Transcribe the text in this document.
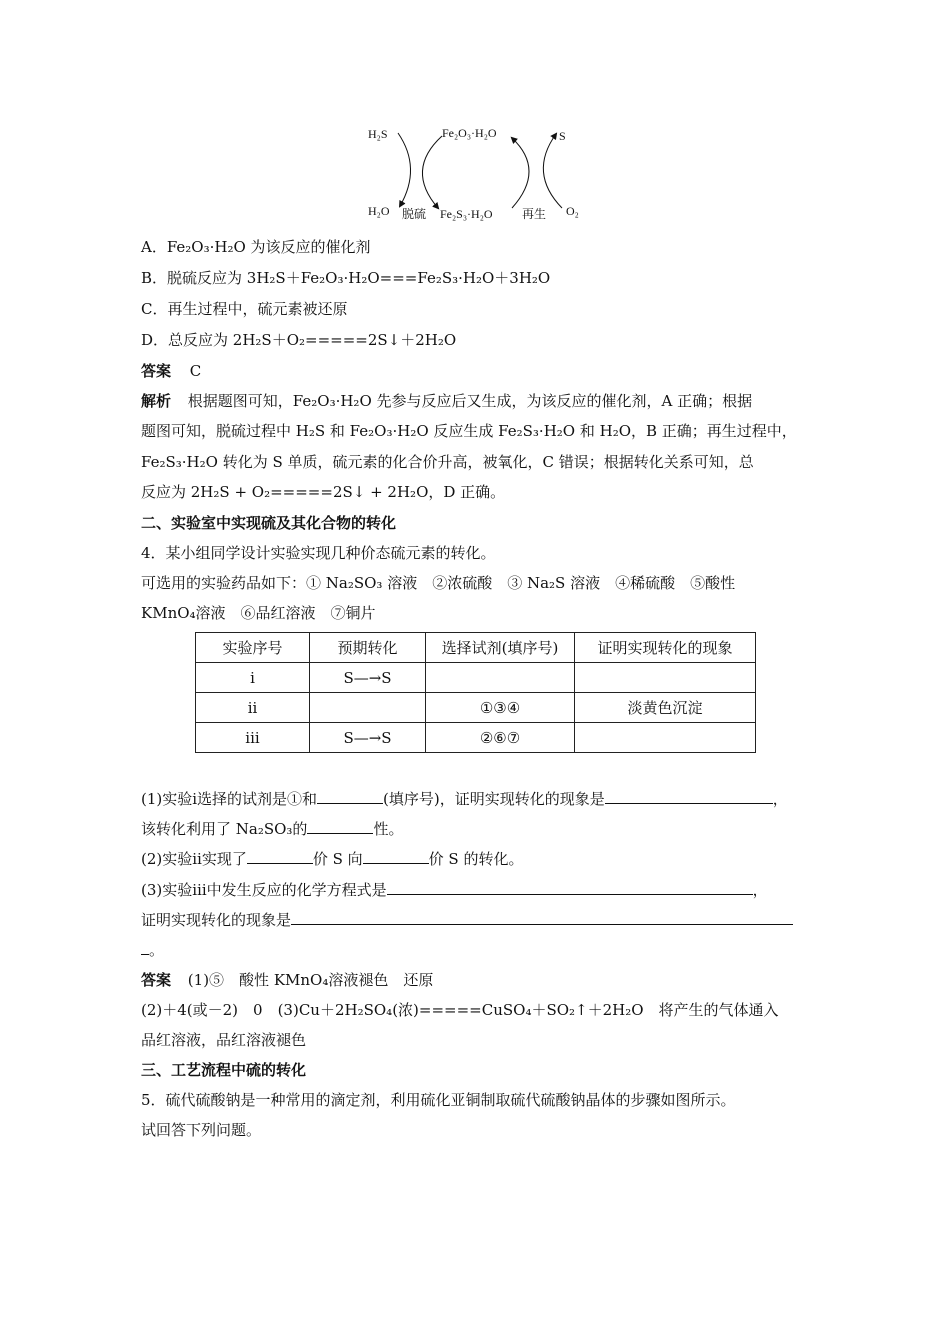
H₂S	Fe₂O₃·H₂O	S
H₂O 脱硫 Fe₂S₃·H₂O 再生 O₂
A．Fe₂O₃·H₂O 为该反应的催化剂
B．脱硫反应为 3H₂S＋Fe₂O₃·H₂O===Fe₂S₃·H₂O＋3H₂O
C．再生过程中，硫元素被还原
D．总反应为 2H₂S＋O₂=====2S↓＋2H₂O
答案 C
解析 根据题图可知，Fe₂O₃·H₂O 先参与反应后又生成，为该反应的催化剂，A 正确；根据
题图可知，脱硫过程中 H₂S 和 Fe₂O₃·H₂O 反应生成 Fe₂S₃·H₂O 和 H₂O，B 正确；再生过程中，
Fe₂S₃·H₂O 转化为 S 单质，硫元素的化合价升高，被氧化，C 错误；根据转化关系可知，总
反应为 2H₂S + O₂=====2S↓ + 2H₂O，D 正确。
二、实验室中实现硫及其化合物的转化
4．某小组同学设计实验实现几种价态硫元素的转化。
可选用的实验药品如下：① Na₂SO₃ 溶液　②浓硫酸　③ Na₂S 溶液　④稀硫酸　⑤酸性
KMnO₄溶液　⑥品红溶液　⑦铜片
实验序号	预期转化	选择试剂(填序号)	证明实现转化的现象
i	S—→S		
ii		①③④	淡黄色沉淀
iii	S—→S	②⑥⑦	
(1)实验ⅰ选择的试剂是①和	(填序号)，证明实现转化的现象是	，
该转化利用了 Na₂SO₃的	性。
(2)实验ⅱ实现了	价 S 向	价 S 的转化。
(3)实验ⅲ中发生反应的化学方程式是	，
证明实现转化的现象是
。
答案 (1)⑤　酸性 KMnO₄溶液褪色　还原
(2)＋4(或－2)　0　(3)Cu＋2H₂SO₄(浓)=====CuSO₄＋SO₂↑＋2H₂O　将产生的气体通入
品红溶液，品红溶液褪色
三、工艺流程中硫的转化
5．硫代硫酸钠是一种常用的滴定剂，利用硫化亚铜制取硫代硫酸钠晶体的步骤如图所示。
试回答下列问题。
